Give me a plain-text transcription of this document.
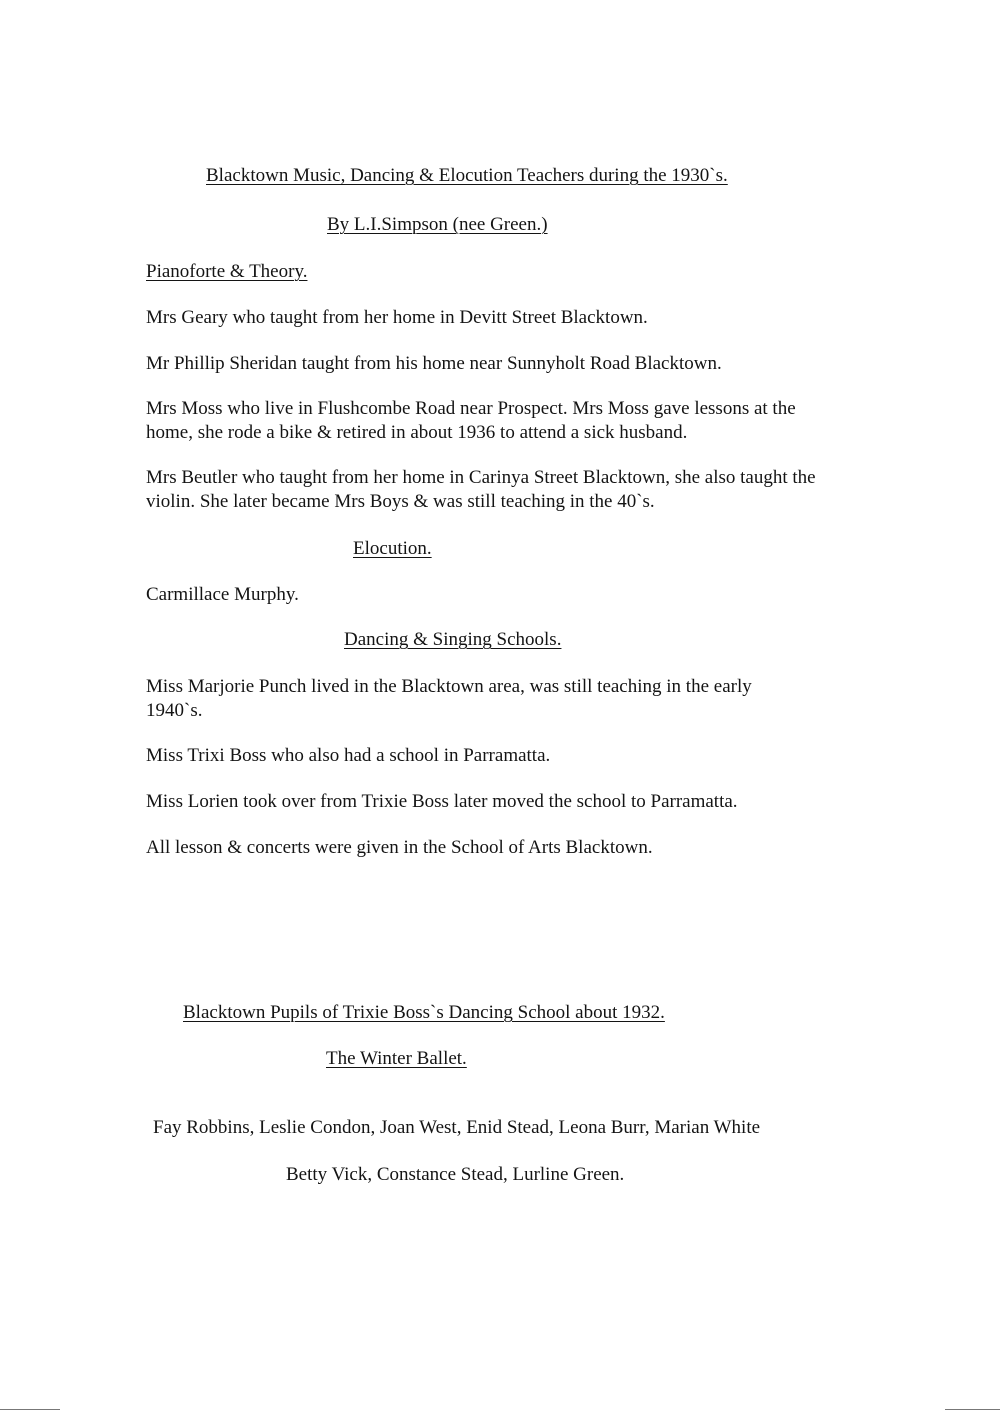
Blacktown Music, Dancing & Elocution Teachers during the 1930`s.
By L.I.Simpson (nee Green.)
Pianoforte & Theory.
Mrs Geary who taught from her home in Devitt Street Blacktown.
Mr Phillip Sheridan taught from his home near Sunnyholt Road Blacktown.
Mrs Moss who live in Flushcombe Road near Prospect. Mrs Moss gave lessons at the home, she rode a bike & retired in about 1936 to attend a sick husband.
Mrs Beutler who taught from her home in Carinya Street Blacktown, she also taught the violin. She later became Mrs Boys & was still teaching in the 40`s.
Elocution.
Carmillace Murphy.
Dancing & Singing Schools.
Miss Marjorie Punch lived in the Blacktown area, was still teaching in the early 1940`s.
Miss Trixi Boss who also had a school in Parramatta.
Miss Lorien took over from Trixie Boss later moved the school to Parramatta.
All lesson & concerts were given in the School of Arts Blacktown.
Blacktown Pupils of Trixie Boss`s Dancing School about 1932.
The Winter Ballet.
Fay Robbins, Leslie Condon, Joan West, Enid Stead, Leona Burr, Marian White
Betty Vick, Constance Stead, Lurline Green.
